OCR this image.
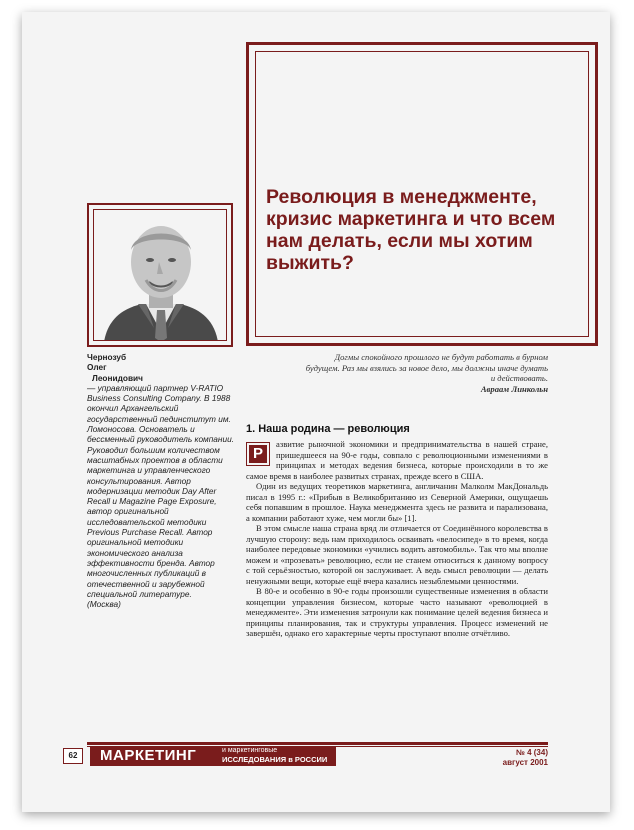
Революция в менеджменте, кризис маркетинга и что всем нам делать, если мы хотим выжить?
Чернозуб
Олег
Леонидович
— управляющий партнер V-RATIO Business Consulting Company. В 1988 окончил Архангельский государственный пединститут им. Ломоносова. Основатель и бессменный руководитель компании. Руководил большим количеством масштабных проектов в области маркетинга и управленческого консультирования. Автор модернизации методик Day After Recall и Magazine Page Exposure, автор оригинальной исследовательской методики Previous Purchase Recall. Автор оригинальной методики экономического анализа эффективности бренда. Автор многочисленных публикаций в отечественной и зарубежной специальной литературе.
(Москва)
Догмы спокойного прошлого не будут работать в бурном будущем. Раз мы взялись за новое дело, мы должны иначе думать и действовать.
Авраам Линкольн
1. Наша родина — революция
Р

азвитие рыночной экономики и предпринимательства в нашей стране, пришедшееся на 90-е годы, совпало с революционными изменениями в принципах и методах ведения бизнеса, которые происходили в то же самое время в наиболее развитых странах, прежде всего в США.

Один из ведущих теоретиков маркетинга, англичанин Малколм МакДональдь писал в 1995 г.: «Прибыв в Великобританию из Северной Америки, ощущаешь себя попавшим в прошлое. Наука менеджмента здесь не развита и парализована, а компании работают хуже, чем могли бы» [1].

В этом смысле наша страна вряд ли отличается от Соединённого королевства в лучшую сторону: ведь нам приходилось осваивать «велосипед» в то время, когда наиболее передовые экономики «учились водить автомобиль». Так что мы вполне можем и «прозевать» революцию, если не станем относиться к данному вопросу с той серьёзностью, которой он заслуживает. А ведь смысл революции — делать ненужными вещи, которые ещё вчера казались незыблемыми ценностями.

В 80-е и особенно в 90-е годы произошли существенные изменения в области концепции управления бизнесом, которые часто называют «революцией в менеджменте». Эти изменения затронули как понимание целей ведения бизнеса и принципы планирования, так и структуры управления. Процесс изменений не завершён, однако его характерные черты проступают вполне отчётливо.

62	МАРКЕТИНГ	и маркетинговые
ИССЛЕДОВАНИЯ в РОССИИ
№ 4 (34)
август 2001
